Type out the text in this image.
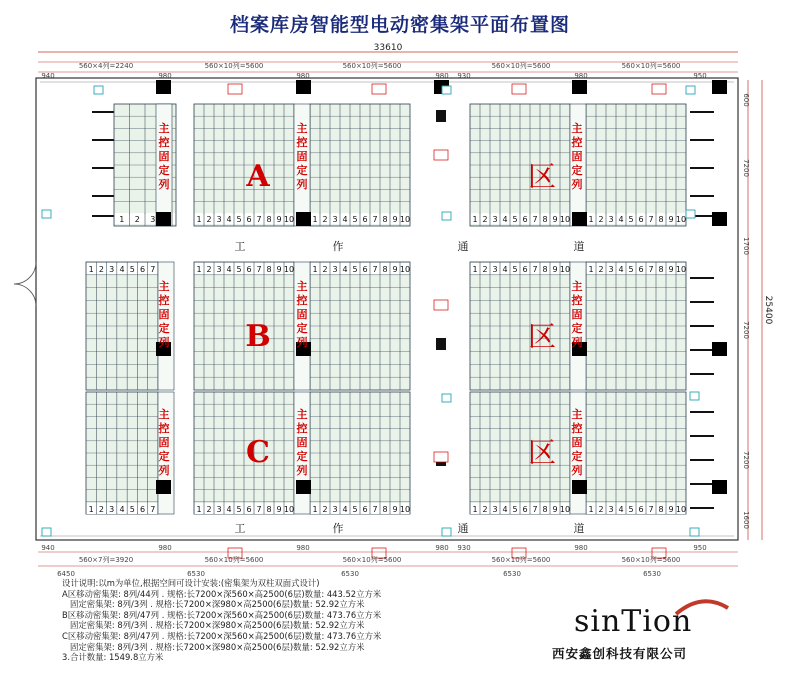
档案库房智能型电动密集架平面布置图
1 2 3	1 2 3 4 5 6 7 8 9 10 1 2 3 4 5 6 7 8 9 10	1 2 3 4 5 6 7 8 9 10 1 2 3 4 5 6 7 8 9 10
1 2 3 4 5 6 7	1 2 3 4 5 6 7 8 9 10 1 2 3 4 5 6 7 8 9 10	1 2 3 4 5 6 7 8 9 10 1 2 3 4 5 6 7 8 9 10
1 2 3 4 5 6 7	1 2 3 4 5 6 7 8 9 10 1 2 3 4 5 6 7 8 9 10	1 2 3 4 5 6 7 8 9 10 1 2 3 4 5 6 7 8 9 10
A	区
B	区
C	区
主
控
固
定
列
主
控
固
定
列
主
控
固
定
列
主
控
固
定
列
主
控
固
定
列
主
控
固
定
列
主
控
固
定
列
主
控
固
定
列
主
控
固
定
列
工	作	通	道
工	作	通	道
33610
560×4列=2240	560×10列=5600	560×10列=5600	560×10列=5600	560×10列=5600
940	980	980	980 930	980	950
940	980	980	980 930	980	950
560×7列=3920	560×10列=5600	560×10列=5600	560×10列=5600	560×10列=5600
6450	6530	6530	6530	6530
600
7200
1700
7200
7200
1600
25400
设计说明:以m为单位,根据空间可设计安装:(密集架为双柱双面式设计)
A区移动密集架: 8列/44列 . 规格:长7200×深560×高2500(6层)数量: 443.52立方米
固定密集架: 8列/3列 . 规格:长7200×深980×高2500(6层)数量: 52.92立方米
B区移动密集架: 8列/47列 . 规格:长7200×深560×高2500(6层)数量: 473.76立方米
固定密集架: 8列/3列 . 规格:长7200×深980×高2500(6层)数量: 52.92立方米
C区移动密集架: 8列/47列 . 规格:长7200×深560×高2500(6层)数量: 473.76立方米
固定密集架: 8列/3列 . 规格:长7200×深980×高2500(6层)数量: 52.92立方米
3.合计数量: 1549.8立方米
sinTion
西安鑫创科技有限公司
